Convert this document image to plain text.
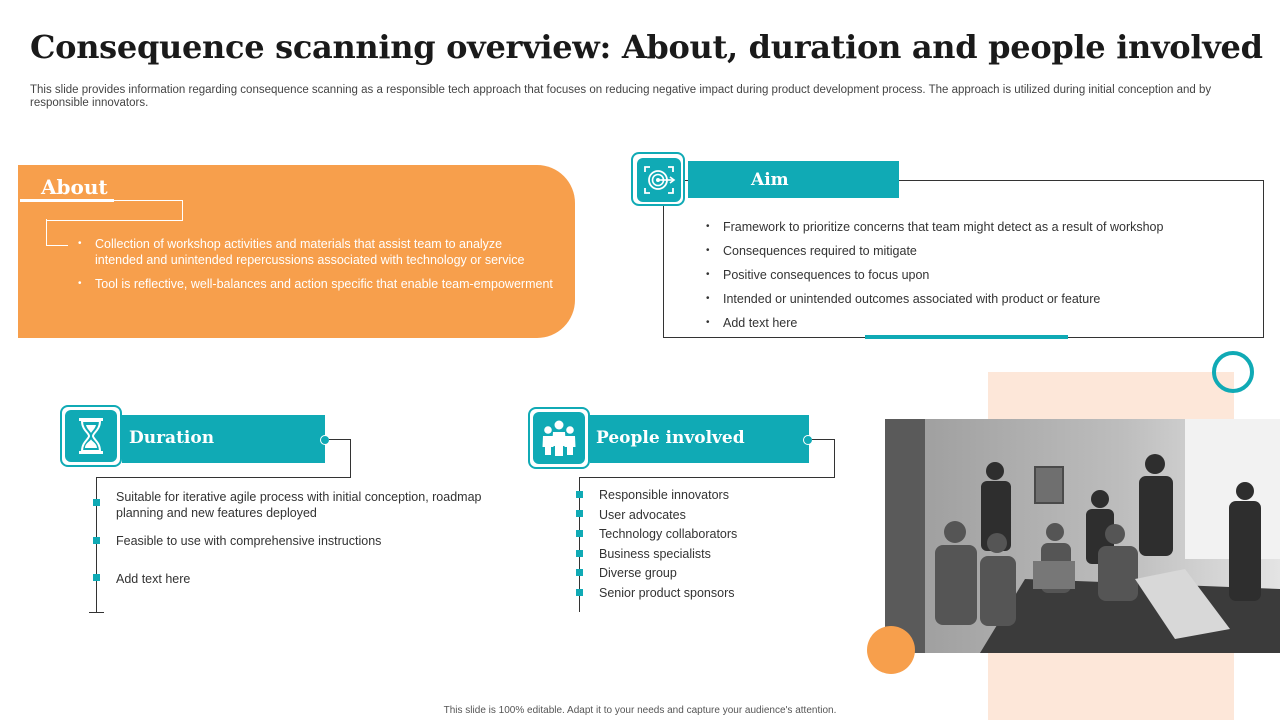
Consequence scanning overview: About, duration and people involved
This slide provides information regarding consequence scanning as a responsible tech approach that focuses on reducing negative impact during product development process. The approach is utilized during initial conception and by responsible innovators.
About
• Collection of workshop activities and materials that assist team to analyze intended and unintended repercussions associated with technology or service
• Tool is reflective, well-balances and action specific that enable team-empowerment
Aim
• Framework to prioritize concerns that team might detect as a result of workshop
• Consequences required to mitigate
• Positive consequences to focus upon
• Intended or unintended outcomes associated with product or feature
• Add text here
Duration
Suitable for iterative agile process with initial conception, roadmap planning and new features deployed
Feasible to use with comprehensive instructions
Add text here
People involved
Responsible innovators
User advocates
Technology collaborators
Business specialists
Diverse group
Senior product sponsors
This slide is 100% editable. Adapt it to your needs and capture your audience's attention.
